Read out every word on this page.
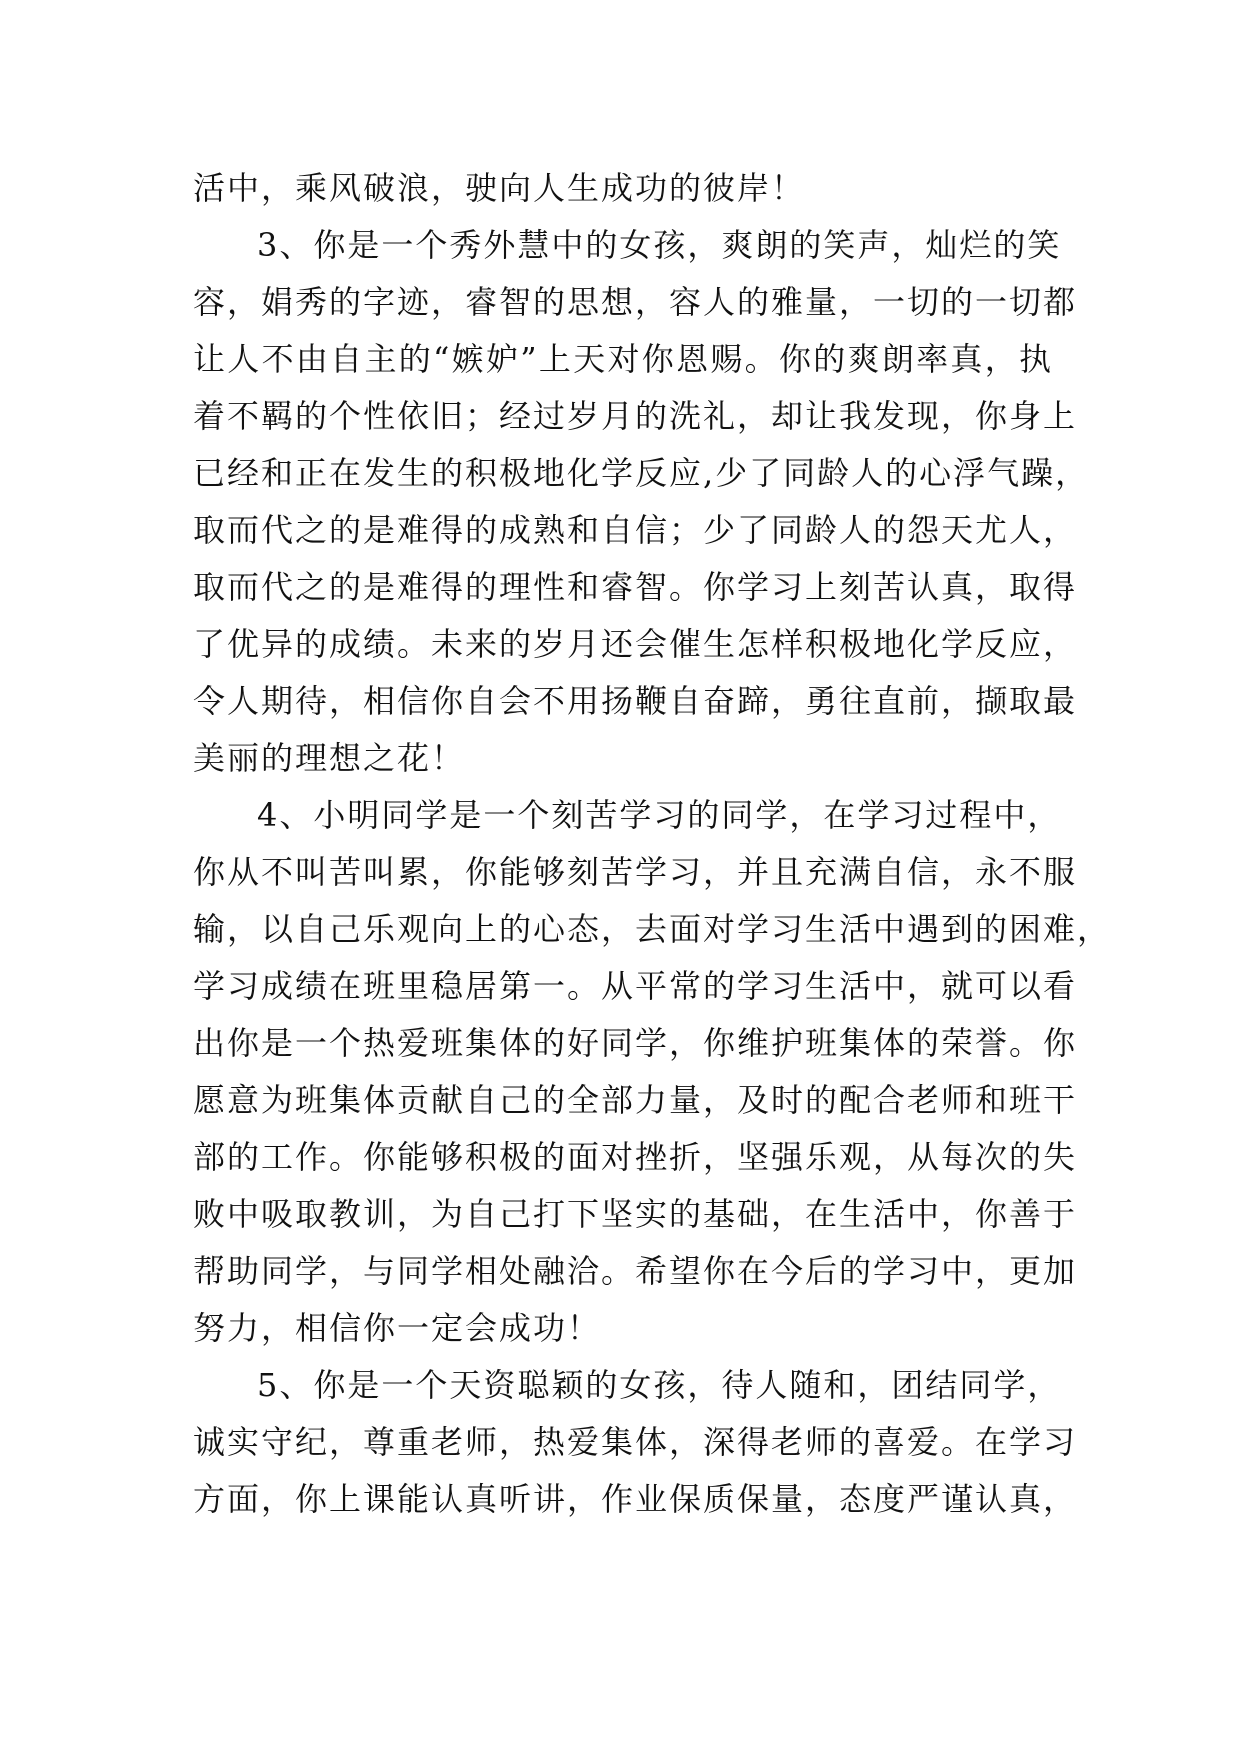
活中，乘风破浪，驶向人生成功的彼岸！
3、你是一个秀外慧中的女孩，爽朗的笑声，灿烂的笑
容，娟秀的字迹，睿智的思想，容人的雅量，一切的一切都
让人不由自主的“嫉妒”上天对你恩赐。你的爽朗率真，执
着不羁的个性依旧；经过岁月的洗礼，却让我发现，你身上
已经和正在发生的积极地化学反应,少了同龄人的心浮气躁，
取而代之的是难得的成熟和自信；少了同龄人的怨天尤人，
取而代之的是难得的理性和睿智。你学习上刻苦认真，取得
了优异的成绩。未来的岁月还会催生怎样积极地化学反应，
令人期待，相信你自会不用扬鞭自奋蹄，勇往直前，撷取最
美丽的理想之花！
4、小明同学是一个刻苦学习的同学，在学习过程中，
你从不叫苦叫累，你能够刻苦学习，并且充满自信，永不服
输，以自己乐观向上的心态，去面对学习生活中遇到的困难，
学习成绩在班里稳居第一。从平常的学习生活中，就可以看
出你是一个热爱班集体的好同学，你维护班集体的荣誉。你
愿意为班集体贡献自己的全部力量，及时的配合老师和班干
部的工作。你能够积极的面对挫折，坚强乐观，从每次的失
败中吸取教训，为自己打下坚实的基础，在生活中，你善于
帮助同学，与同学相处融洽。希望你在今后的学习中，更加
努力，相信你一定会成功！
5、你是一个天资聪颖的女孩，待人随和，团结同学，
诚实守纪，尊重老师，热爱集体，深得老师的喜爱。在学习
方面，你上课能认真听讲，作业保质保量，态度严谨认真，
